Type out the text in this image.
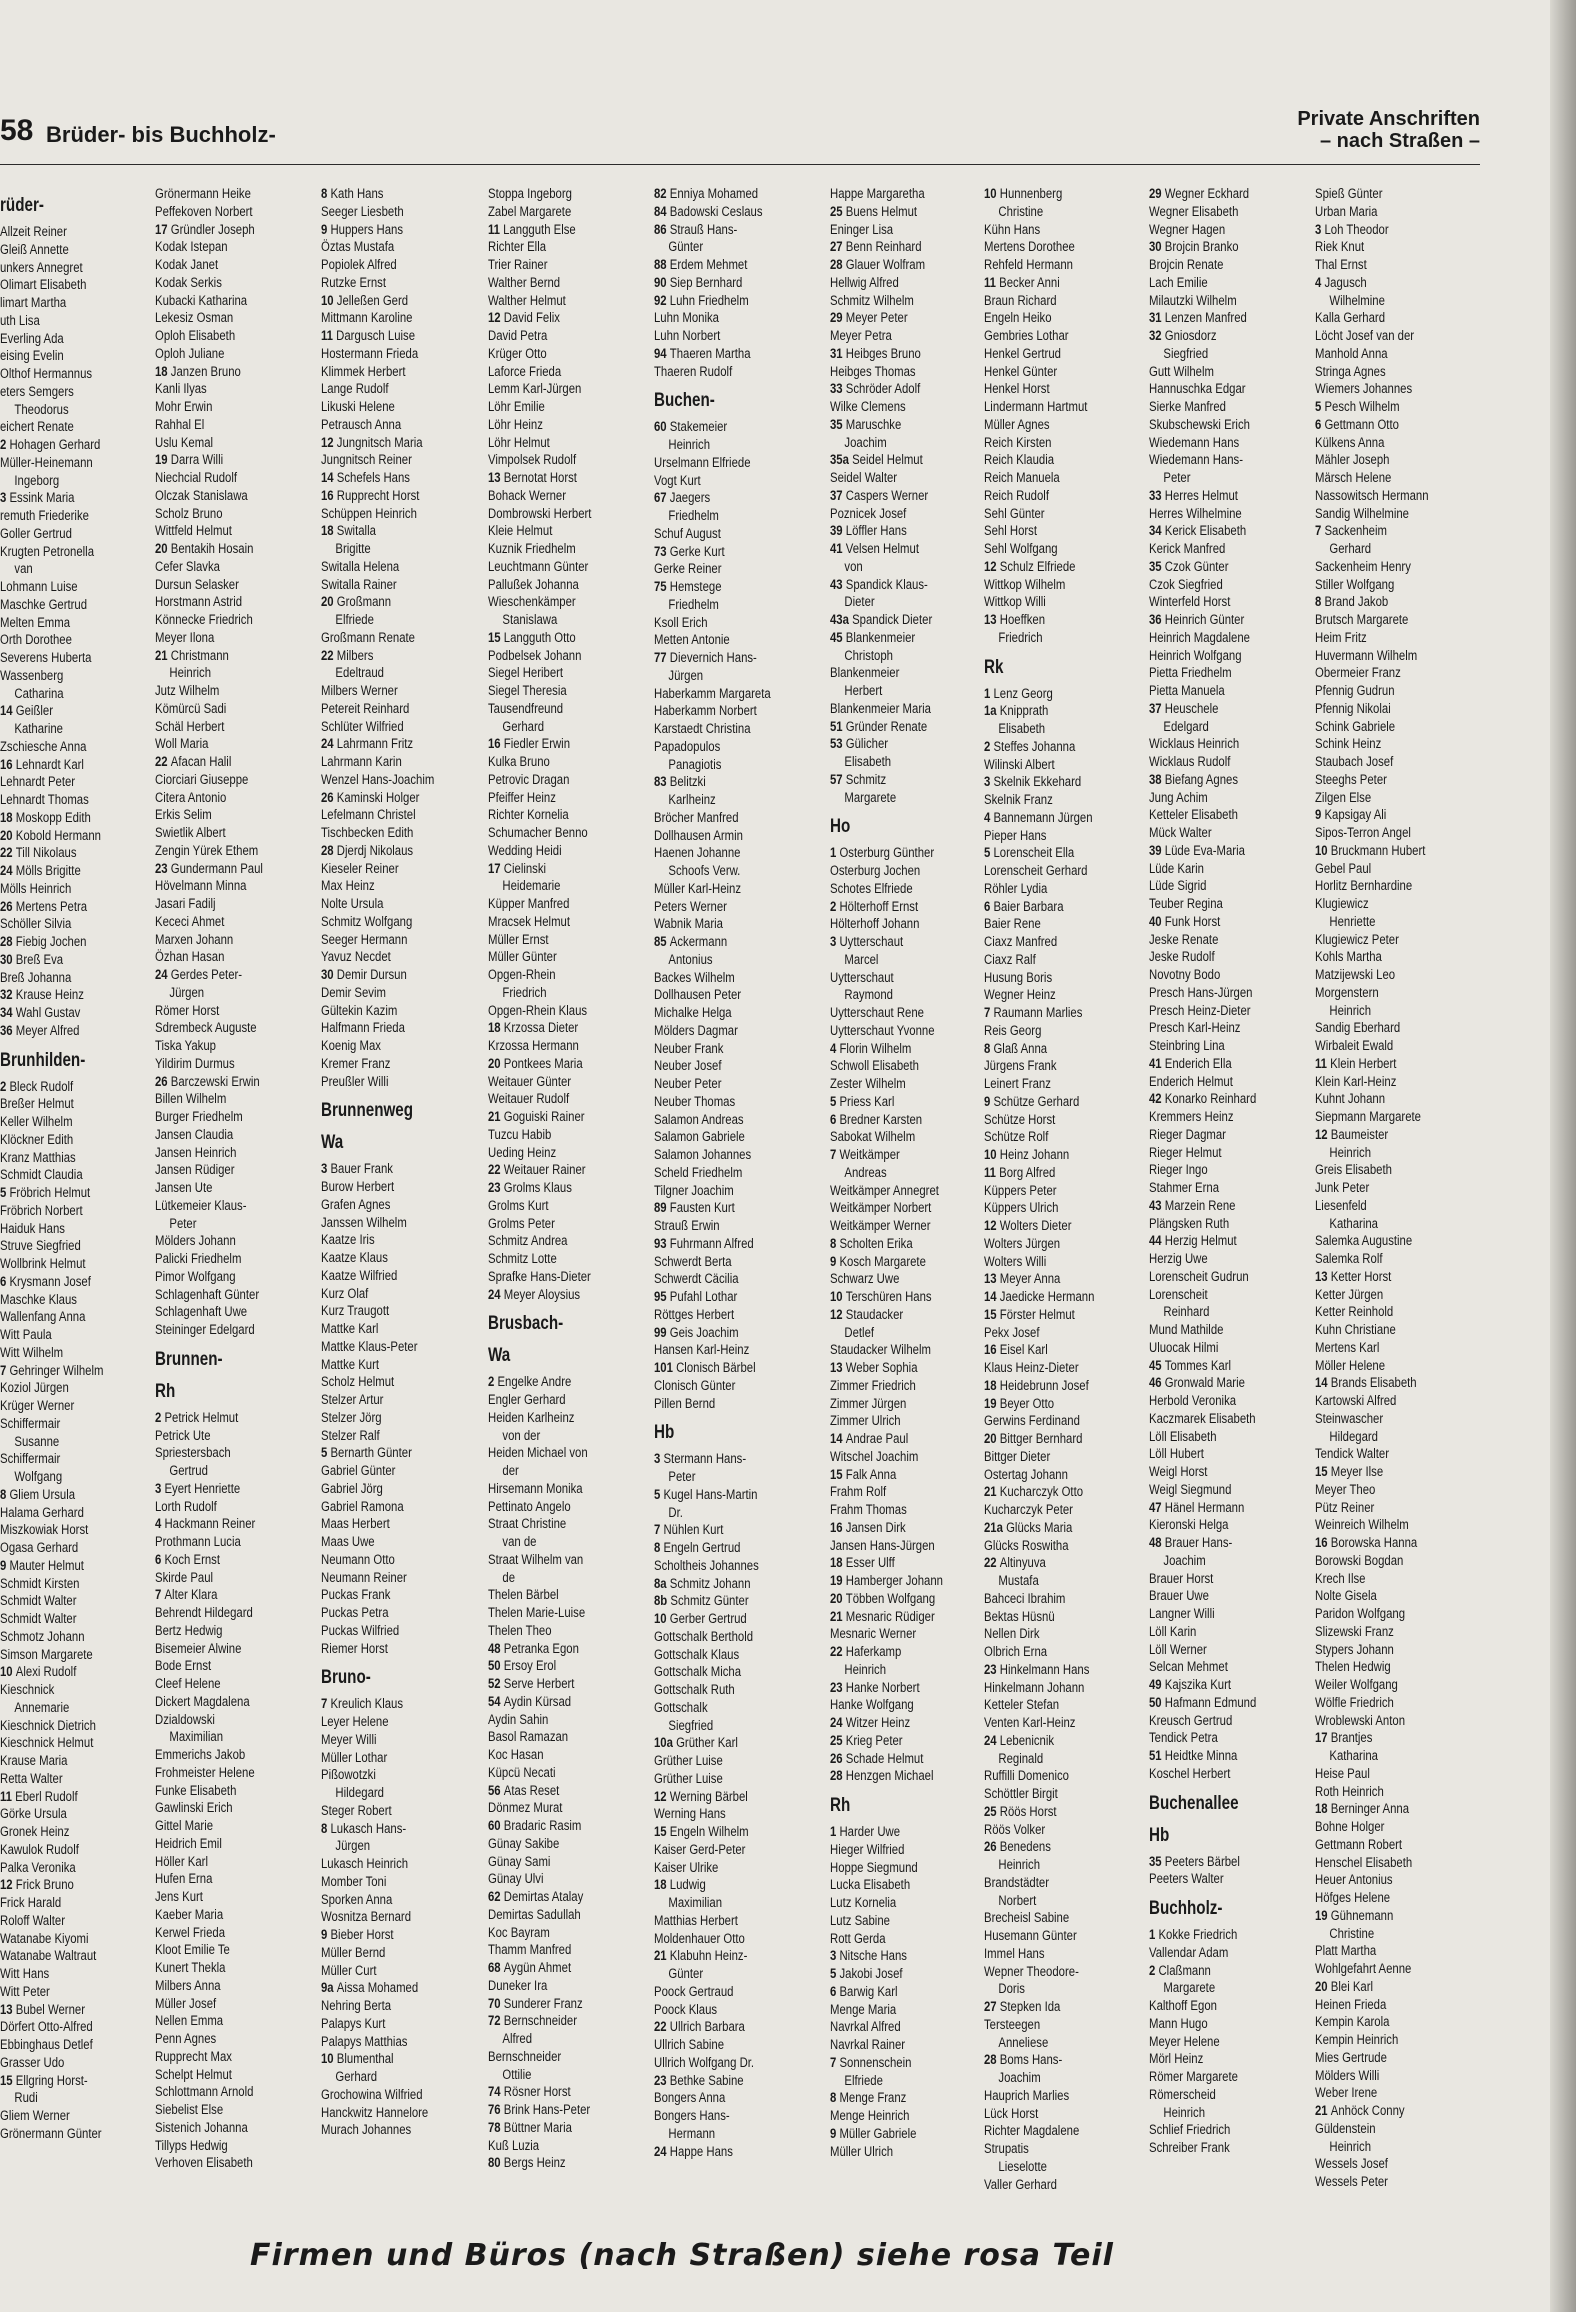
58 Brüder- bis Buchholz-
Private Anschriften
– nach Straßen –
rüder-
Allzeit Reiner
Gleiß Annette
unkers Annegret
Olimart Elisabeth
limart Martha
uth Lisa
Everling Ada
eising Evelin
Olthof Hermannus
eters Semgers
Theodorus
eichert Renate
2 Hohagen Gerhard
Müller-Heinemann
Ingeborg
3 Essink Maria
remuth Friederike
Goller Gertrud
Krugten Petronella
van
Lohmann Luise
Maschke Gertrud
Melten Emma
Orth Dorothee
Severens Huberta
Wassenberg
Catharina
14 Geißler
Katharine
Zschiesche Anna
16 Lehnardt Karl
Lehnardt Peter
Lehnardt Thomas
18 Moskopp Edith
20 Kobold Hermann
22 Till Nikolaus
24 Mölls Brigitte
Mölls Heinrich
26 Mertens Petra
Schöller Silvia
28 Fiebig Jochen
30 Breß Eva
Breß Johanna
32 Krause Heinz
34 Wahl Gustav
36 Meyer Alfred
Brunhilden-
2 Bleck Rudolf
Breßer Helmut
Keller Wilhelm
Klöckner Edith
Kranz Matthias
Schmidt Claudia
5 Fröbrich Helmut
Fröbrich Norbert
Haiduk Hans
Struve Siegfried
Wollbrink Helmut
6 Krysmann Josef
Maschke Klaus
Wallenfang Anna
Witt Paula
Witt Wilhelm
7 Gehringer Wilhelm
Koziol Jürgen
Krüger Werner
Schiffermair
Susanne
Schiffermair
Wolfgang
8 Gliem Ursula
Halama Gerhard
Miszkowiak Horst
Ogasa Gerhard
9 Mauter Helmut
Schmidt Kirsten
Schmidt Walter
Schmidt Walter
Schmotz Johann
Simson Margarete
10 Alexi Rudolf
Kieschnick
Annemarie
Kieschnick Dietrich
Kieschnick Helmut
Krause Maria
Retta Walter
11 Eberl Rudolf
Görke Ursula
Gronek Heinz
Kawulok Rudolf
Palka Veronika
12 Frick Bruno
Frick Harald
Roloff Walter
Watanabe Kiyomi
Watanabe Waltraut
Witt Hans
Witt Peter
13 Bubel Werner
Dörfert Otto-Alfred
Ebbinghaus Detlef
Grasser Udo
15 Ellgring Horst-
Rudi
Gliem Werner
Grönermann Günter
Grönermann Heike
Peffekoven Norbert
17 Gründler Joseph
Kodak Istepan
Kodak Janet
Kodak Serkis
Kubacki Katharina
Lekesiz Osman
Oploh Elisabeth
Oploh Juliane
18 Janzen Bruno
Kanli Ilyas
Mohr Erwin
Rahhal El
Uslu Kemal
19 Darra Willi
Niechcial Rudolf
Olczak Stanislawa
Scholz Bruno
Wittfeld Helmut
20 Bentakih Hosain
Cefer Slavka
Dursun Selasker
Horstmann Astrid
Könnecke Friedrich
Meyer Ilona
21 Christmann
Heinrich
Jutz Wilhelm
Kömürcü Sadi
Schäl Herbert
Woll Maria
22 Afacan Halil
Ciorciari Giuseppe
Citera Antonio
Erkis Selim
Swietlik Albert
Zengin Yürek Ethem
23 Gundermann Paul
Hövelmann Minna
Jasari Fadilj
Kececi Ahmet
Marxen Johann
Özhan Hasan
24 Gerdes Peter-
Jürgen
Römer Horst
Sdrembeck Auguste
Tiska Yakup
Yildirim Durmus
26 Barczewski Erwin
Billen Wilhelm
Burger Friedhelm
Jansen Claudia
Jansen Heinrich
Jansen Rüdiger
Jansen Ute
Lütkemeier Klaus-
Peter
Mölders Johann
Palicki Friedhelm
Pimor Wolfgang
Schlagenhaft Günter
Schlagenhaft Uwe
Steininger Edelgard
Brunnen-
Rh
2 Petrick Helmut
Petrick Ute
Spriestersbach
Gertrud
3 Eyert Henriette
Lorth Rudolf
4 Hackmann Reiner
Prothmann Lucia
6 Koch Ernst
Skirde Paul
7 Alter Klara
Behrendt Hildegard
Bertz Hedwig
Bisemeier Alwine
Bode Ernst
Cleef Helene
Dickert Magdalena
Dzialdowski
Maximilian
Emmerichs Jakob
Frohmeister Helene
Funke Elisabeth
Gawlinski Erich
Gittel Marie
Heidrich Emil
Höller Karl
Hufen Erna
Jens Kurt
Kaeber Maria
Kerwel Frieda
Kloot Emilie Te
Kunert Thekla
Milbers Anna
Müller Josef
Nellen Emma
Penn Agnes
Rupprecht Max
Schelpt Helmut
Schlottmann Arnold
Siebelist Else
Sistenich Johanna
Tillyps Hedwig
Verhoven Elisabeth
8 Kath Hans
Seeger Liesbeth
9 Huppers Hans
Öztas Mustafa
Popiolek Alfred
Rutzke Ernst
10 Jelleßen Gerd
Mittmann Karoline
11 Dargusch Luise
Hostermann Frieda
Klimmek Herbert
Lange Rudolf
Likuski Helene
Petrausch Anna
12 Jungnitsch Maria
Jungnitsch Reiner
14 Schefels Hans
16 Rupprecht Horst
Schüppen Heinrich
18 Switalla
Brigitte
Switalla Helena
Switalla Rainer
20 Großmann
Elfriede
Großmann Renate
22 Milbers
Edeltraud
Milbers Werner
Petereit Reinhard
Schlüter Wilfried
24 Lahrmann Fritz
Lahrmann Karin
Wenzel Hans-Joachim
26 Kaminski Holger
Lefelmann Christel
Tischbecken Edith
28 Djerdj Nikolaus
Kieseler Reiner
Max Heinz
Nolte Ursula
Schmitz Wolfgang
Seeger Hermann
Yavuz Necdet
30 Demir Dursun
Demir Sevim
Gültekin Kazim
Halfmann Frieda
Koenig Max
Kremer Franz
Preußler Willi
Brunnenweg
Wa
3 Bauer Frank
Burow Herbert
Grafen Agnes
Janssen Wilhelm
Kaatze Iris
Kaatze Klaus
Kaatze Wilfried
Kurz Olaf
Kurz Traugott
Mattke Karl
Mattke Klaus-Peter
Mattke Kurt
Scholz Helmut
Stelzer Artur
Stelzer Jörg
Stelzer Ralf
5 Bernarth Günter
Gabriel Günter
Gabriel Jörg
Gabriel Ramona
Maas Herbert
Maas Uwe
Neumann Otto
Neumann Reiner
Puckas Frank
Puckas Petra
Puckas Wilfried
Riemer Horst
Bruno-
7 Kreulich Klaus
Leyer Helene
Meyer Willi
Müller Lothar
Pißowotzki
Hildegard
Steger Robert
8 Lukasch Hans-
Jürgen
Lukasch Heinrich
Momber Toni
Sporken Anna
Wosnitza Bernard
9 Bieber Horst
Müller Bernd
Müller Curt
9a Aissa Mohamed
Nehring Berta
Palapys Kurt
Palapys Matthias
10 Blumenthal
Gerhard
Grochowina Wilfried
Hanckwitz Hannelore
Murach Johannes
Stoppa Ingeborg
Zabel Margarete
11 Langguth Else
Richter Ella
Trier Rainer
Walther Bernd
Walther Helmut
12 David Felix
David Petra
Krüger Otto
Laforce Frieda
Lemm Karl-Jürgen
Löhr Emilie
Löhr Heinz
Löhr Helmut
Vimpolsek Rudolf
13 Bernotat Horst
Bohack Werner
Dombrowski Herbert
Kleie Helmut
Kuznik Friedhelm
Leuchtmann Günter
Pallußek Johanna
Wieschenkämper
Stanislawa
15 Langguth Otto
Podbelsek Johann
Siegel Heribert
Siegel Theresia
Tausendfreund
Gerhard
16 Fiedler Erwin
Kulka Bruno
Petrovic Dragan
Pfeiffer Heinz
Richter Kornelia
Schumacher Benno
Wedding Heidi
17 Cielinski
Heidemarie
Küpper Manfred
Mracsek Helmut
Müller Ernst
Müller Günter
Opgen-Rhein
Friedrich
Opgen-Rhein Klaus
18 Krzossa Dieter
Krzossa Hermann
20 Pontkees Maria
Weitauer Günter
Weitauer Rudolf
21 Goguiski Rainer
Tuzcu Habib
Ueding Heinz
22 Weitauer Rainer
23 Grolms Klaus
Grolms Kurt
Grolms Peter
Schmitz Andrea
Schmitz Lotte
Sprafke Hans-Dieter
24 Meyer Aloysius
Brusbach-
Wa
2 Engelke Andre
Engler Gerhard
Heiden Karlheinz
von der
Heiden Michael von
der
Hirsemann Monika
Pettinato Angelo
Straat Christine
van de
Straat Wilhelm van
de
Thelen Bärbel
Thelen Marie-Luise
Thelen Theo
48 Petranka Egon
50 Ersoy Erol
52 Serve Herbert
54 Aydin Kürsad
Aydin Sahin
Basol Ramazan
Koc Hasan
Küpcü Necati
56 Atas Reset
Dönmez Murat
60 Bradaric Rasim
Günay Sakibe
Günay Sami
Günay Ulvi
62 Demirtas Atalay
Demirtas Sadullah
Koc Bayram
Thamm Manfred
68 Aygün Ahmet
Duneker Ira
70 Sunderer Franz
72 Bernschneider
Alfred
Bernschneider
Ottilie
74 Rösner Horst
76 Brink Hans-Peter
78 Büttner Maria
Kuß Luzia
80 Bergs Heinz
82 Enniya Mohamed
84 Badowski Ceslaus
86 Strauß Hans-
Günter
88 Erdem Mehmet
90 Siep Bernhard
92 Luhn Friedhelm
Luhn Monika
Luhn Norbert
94 Thaeren Martha
Thaeren Rudolf
Buchen-
60 Stakemeier
Heinrich
Urselmann Elfriede
Vogt Kurt
67 Jaegers
Friedhelm
Schuf August
73 Gerke Kurt
Gerke Reiner
75 Hemstege
Friedhelm
Ksoll Erich
Metten Antonie
77 Dievernich Hans-
Jürgen
Haberkamm Margareta
Haberkamm Norbert
Karstaedt Christina
Papadopulos
Panagiotis
83 Belitzki
Karlheinz
Bröcher Manfred
Dollhausen Armin
Haenen Johanne
Schoofs Verw.
Müller Karl-Heinz
Peters Werner
Wabnik Maria
85 Ackermann
Antonius
Backes Wilhelm
Dollhausen Peter
Michalke Helga
Mölders Dagmar
Neuber Frank
Neuber Josef
Neuber Peter
Neuber Thomas
Salamon Andreas
Salamon Gabriele
Salamon Johannes
Scheld Friedhelm
Tilgner Joachim
89 Fausten Kurt
Strauß Erwin
93 Fuhrmann Alfred
Schwerdt Berta
Schwerdt Cäcilia
95 Pufahl Lothar
Röttges Herbert
99 Geis Joachim
Hansen Karl-Heinz
101 Clonisch Bärbel
Clonisch Günter
Pillen Bernd
Hb
3 Stermann Hans-
Peter
5 Kugel Hans-Martin
Dr.
7 Nühlen Kurt
8 Engeln Gertrud
Scholtheis Johannes
8a Schmitz Johann
8b Schmitz Günter
10 Gerber Gertrud
Gottschalk Berthold
Gottschalk Klaus
Gottschalk Micha
Gottschalk Ruth
Gottschalk
Siegfried
10a Grüther Karl
Grüther Luise
Grüther Luise
12 Werning Bärbel
Werning Hans
15 Engeln Wilhelm
Kaiser Gerd-Peter
Kaiser Ulrike
18 Ludwig
Maximilian
Matthias Herbert
Moldenhauer Otto
21 Klabuhn Heinz-
Günter
Poock Gertraud
Poock Klaus
22 Ullrich Barbara
Ullrich Sabine
Ullrich Wolfgang Dr.
23 Bethke Sabine
Bongers Anna
Bongers Hans-
Hermann
24 Happe Hans
Happe Margaretha
25 Buens Helmut
Eninger Lisa
27 Benn Reinhard
28 Glauer Wolfram
Hellwig Alfred
Schmitz Wilhelm
29 Meyer Peter
Meyer Petra
31 Heibges Bruno
Heibges Thomas
33 Schröder Adolf
Wilke Clemens
35 Maruschke
Joachim
35a Seidel Helmut
Seidel Walter
37 Caspers Werner
Poznicek Josef
39 Löffler Hans
41 Velsen Helmut
von
43 Spandick Klaus-
Dieter
43a Spandick Dieter
45 Blankenmeier
Christoph
Blankenmeier
Herbert
Blankenmeier Maria
51 Gründer Renate
53 Gülicher
Elisabeth
57 Schmitz
Margarete
Ho
1 Osterburg Günther
Osterburg Jochen
Schotes Elfriede
2 Hölterhoff Ernst
Hölterhoff Johann
3 Uytterschaut
Marcel
Uytterschaut
Raymond
Uytterschaut Rene
Uytterschaut Yvonne
4 Florin Wilhelm
Schwoll Elisabeth
Zester Wilhelm
5 Priess Karl
6 Bredner Karsten
Sabokat Wilhelm
7 Weitkämper
Andreas
Weitkämper Annegret
Weitkämper Norbert
Weitkämper Werner
8 Scholten Erika
9 Kosch Margarete
Schwarz Uwe
10 Terschüren Hans
12 Staudacker
Detlef
Staudacker Wilhelm
13 Weber Sophia
Zimmer Friedrich
Zimmer Jürgen
Zimmer Ulrich
14 Andrae Paul
Witschel Joachim
15 Falk Anna
Frahm Rolf
Frahm Thomas
16 Jansen Dirk
Jansen Hans-Jürgen
18 Esser Ulff
19 Hamberger Johann
20 Többen Wolfgang
21 Mesnaric Rüdiger
Mesnaric Werner
22 Haferkamp
Heinrich
23 Hanke Norbert
Hanke Wolfgang
24 Witzer Heinz
25 Krieg Peter
26 Schade Helmut
28 Henzgen Michael
Rh
1 Harder Uwe
Hieger Wilfried
Hoppe Siegmund
Lucka Elisabeth
Lutz Kornelia
Lutz Sabine
Rott Gerda
3 Nitsche Hans
5 Jakobi Josef
6 Barwig Karl
Menge Maria
Navrkal Alfred
Navrkal Rainer
7 Sonnenschein
Elfriede
8 Menge Franz
Menge Heinrich
9 Müller Gabriele
Müller Ulrich
10 Hunnenberg
Christine
Kühn Hans
Mertens Dorothee
Rehfeld Hermann
11 Becker Anni
Braun Richard
Engeln Heiko
Gembries Lothar
Henkel Gertrud
Henkel Günter
Henkel Horst
Lindermann Hartmut
Müller Agnes
Reich Kirsten
Reich Klaudia
Reich Manuela
Reich Rudolf
Sehl Günter
Sehl Horst
Sehl Wolfgang
12 Schulz Elfriede
Wittkop Wilhelm
Wittkop Willi
13 Hoeffken
Friedrich
Rk
1 Lenz Georg
1a Knipprath
Elisabeth
2 Steffes Johanna
Wilinski Albert
3 Skelnik Ekkehard
Skelnik Franz
4 Bannemann Jürgen
Pieper Hans
5 Lorenscheit Ella
Lorenscheit Gerhard
Röhler Lydia
6 Baier Barbara
Baier Rene
Ciaxz Manfred
Ciaxz Ralf
Husung Boris
Wegner Heinz
7 Raumann Marlies
Reis Georg
8 Glaß Anna
Jürgens Frank
Leinert Franz
9 Schütze Gerhard
Schütze Horst
Schütze Rolf
10 Heinz Johann
11 Borg Alfred
Küppers Peter
Küppers Ulrich
12 Wolters Dieter
Wolters Jürgen
Wolters Willi
13 Meyer Anna
14 Jaedicke Hermann
15 Förster Helmut
Pekx Josef
16 Eisel Karl
Klaus Heinz-Dieter
18 Heidebrunn Josef
19 Beyer Otto
Gerwins Ferdinand
20 Bittger Bernhard
Bittger Dieter
Ostertag Johann
21 Kucharczyk Otto
Kucharczyk Peter
21a Glücks Maria
Glücks Roswitha
22 Altinyuva
Mustafa
Bahceci Ibrahim
Bektas Hüsnü
Nellen Dirk
Olbrich Erna
23 Hinkelmann Hans
Hinkelmann Johann
Ketteler Stefan
Venten Karl-Heinz
24 Lebenicnik
Reginald
Ruffilli Domenico
Schöttler Birgit
25 Röös Horst
Röös Volker
26 Benedens
Heinrich
Brandstädter
Norbert
Brecheisl Sabine
Husemann Günter
Immel Hans
Wepner Theodore-
Doris
27 Stepken Ida
Tersteegen
Anneliese
28 Boms Hans-
Joachim
Hauprich Marlies
Lück Horst
Richter Magdalene
Strupatis
Lieselotte
Valler Gerhard
29 Wegner Eckhard
Wegner Elisabeth
Wegner Hagen
30 Brojcin Branko
Brojcin Renate
Lach Emilie
Milautzki Wilhelm
31 Lenzen Manfred
32 Gniosdorz
Siegfried
Gutt Wilhelm
Hannuschka Edgar
Sierke Manfred
Skubschewski Erich
Wiedemann Hans
Wiedemann Hans-
Peter
33 Herres Helmut
Herres Wilhelmine
34 Kerick Elisabeth
Kerick Manfred
35 Czok Günter
Czok Siegfried
Winterfeld Horst
36 Heinrich Günter
Heinrich Magdalene
Heinrich Wolfgang
Pietta Friedhelm
Pietta Manuela
37 Heuschele
Edelgard
Wicklaus Heinrich
Wicklaus Rudolf
38 Biefang Agnes
Jung Achim
Ketteler Elisabeth
Mück Walter
39 Lüde Eva-Maria
Lüde Karin
Lüde Sigrid
Teuber Regina
40 Funk Horst
Jeske Renate
Jeske Rudolf
Novotny Bodo
Presch Hans-Jürgen
Presch Heinz-Dieter
Presch Karl-Heinz
Steinbring Lina
41 Enderich Ella
Enderich Helmut
42 Konarko Reinhard
Kremmers Heinz
Rieger Dagmar
Rieger Helmut
Rieger Ingo
Stahmer Erna
43 Marzein Rene
Plängsken Ruth
44 Herzig Helmut
Herzig Uwe
Lorenscheit Gudrun
Lorenscheit
Reinhard
Mund Mathilde
Uluocak Hilmi
45 Tommes Karl
46 Gronwald Marie
Herbold Veronika
Kaczmarek Elisabeth
Löll Elisabeth
Löll Hubert
Weigl Horst
Weigl Siegmund
47 Hänel Hermann
Kieronski Helga
48 Brauer Hans-
Joachim
Brauer Horst
Brauer Uwe
Langner Willi
Löll Karin
Löll Werner
Selcan Mehmet
49 Kajszika Kurt
50 Hafmann Edmund
Kreusch Gertrud
Tendick Petra
51 Heidtke Minna
Koschel Herbert
Buchenallee
Hb
35 Peeters Bärbel
Peeters Walter
Buchholz-
1 Kokke Friedrich
Vallendar Adam
2 Claßmann
Margarete
Kalthoff Egon
Mann Hugo
Meyer Helene
Mörl Heinz
Römer Margarete
Römerscheid
Heinrich
Schlief Friedrich
Schreiber Frank
Spieß Günter
Urban Maria
3 Loh Theodor
Riek Knut
Thal Ernst
4 Jagusch
Wilhelmine
Kalla Gerhard
Löcht Josef van der
Manhold Anna
Stringa Agnes
Wiemers Johannes
5 Pesch Wilhelm
6 Gettmann Otto
Külkens Anna
Mähler Joseph
Märsch Helene
Nassowitsch Hermann
Sandig Wilhelmine
7 Sackenheim
Gerhard
Sackenheim Henry
Stiller Wolfgang
8 Brand Jakob
Brutsch Margarete
Heim Fritz
Huvermann Wilhelm
Obermeier Franz
Pfennig Gudrun
Pfennig Nikolai
Schink Gabriele
Schink Heinz
Staubach Josef
Steeghs Peter
Zilgen Else
9 Kapsigay Ali
Sipos-Terron Angel
10 Bruckmann Hubert
Gebel Paul
Horlitz Bernhardine
Klugiewicz
Henriette
Klugiewicz Peter
Kohls Martha
Matzijewski Leo
Morgenstern
Heinrich
Sandig Eberhard
Wirbaleit Ewald
11 Klein Herbert
Klein Karl-Heinz
Kuhnt Johann
Siepmann Margarete
12 Baumeister
Heinrich
Greis Elisabeth
Junk Peter
Liesenfeld
Katharina
Salemka Augustine
Salemka Rolf
13 Ketter Horst
Ketter Jürgen
Ketter Reinhold
Kuhn Christiane
Mertens Karl
Möller Helene
14 Brands Elisabeth
Kartowski Alfred
Steinwascher
Hildegard
Tendick Walter
15 Meyer Ilse
Meyer Theo
Pütz Reiner
Weinreich Wilhelm
16 Borowska Hanna
Borowski Bogdan
Krech Ilse
Nolte Gisela
Paridon Wolfgang
Slizewski Franz
Stypers Johann
Thelen Hedwig
Weiler Wolfgang
Wölfle Friedrich
Wroblewski Anton
17 Brantjes
Katharina
Heise Paul
Roth Heinrich
18 Berninger Anna
Bohne Holger
Gettmann Robert
Henschel Elisabeth
Heuer Antonius
Höfges Helene
19 Gühnemann
Christine
Platt Martha
Wohlgefahrt Aenne
20 Blei Karl
Heinen Frieda
Kempin Karola
Kempin Heinrich
Mies Gertrude
Mölders Willi
Weber Irene
21 Anhöck Conny
Güldenstein
Heinrich
Wessels Josef
Wessels Peter
Firmen und Büros (nach Straßen) siehe rosa Teil
